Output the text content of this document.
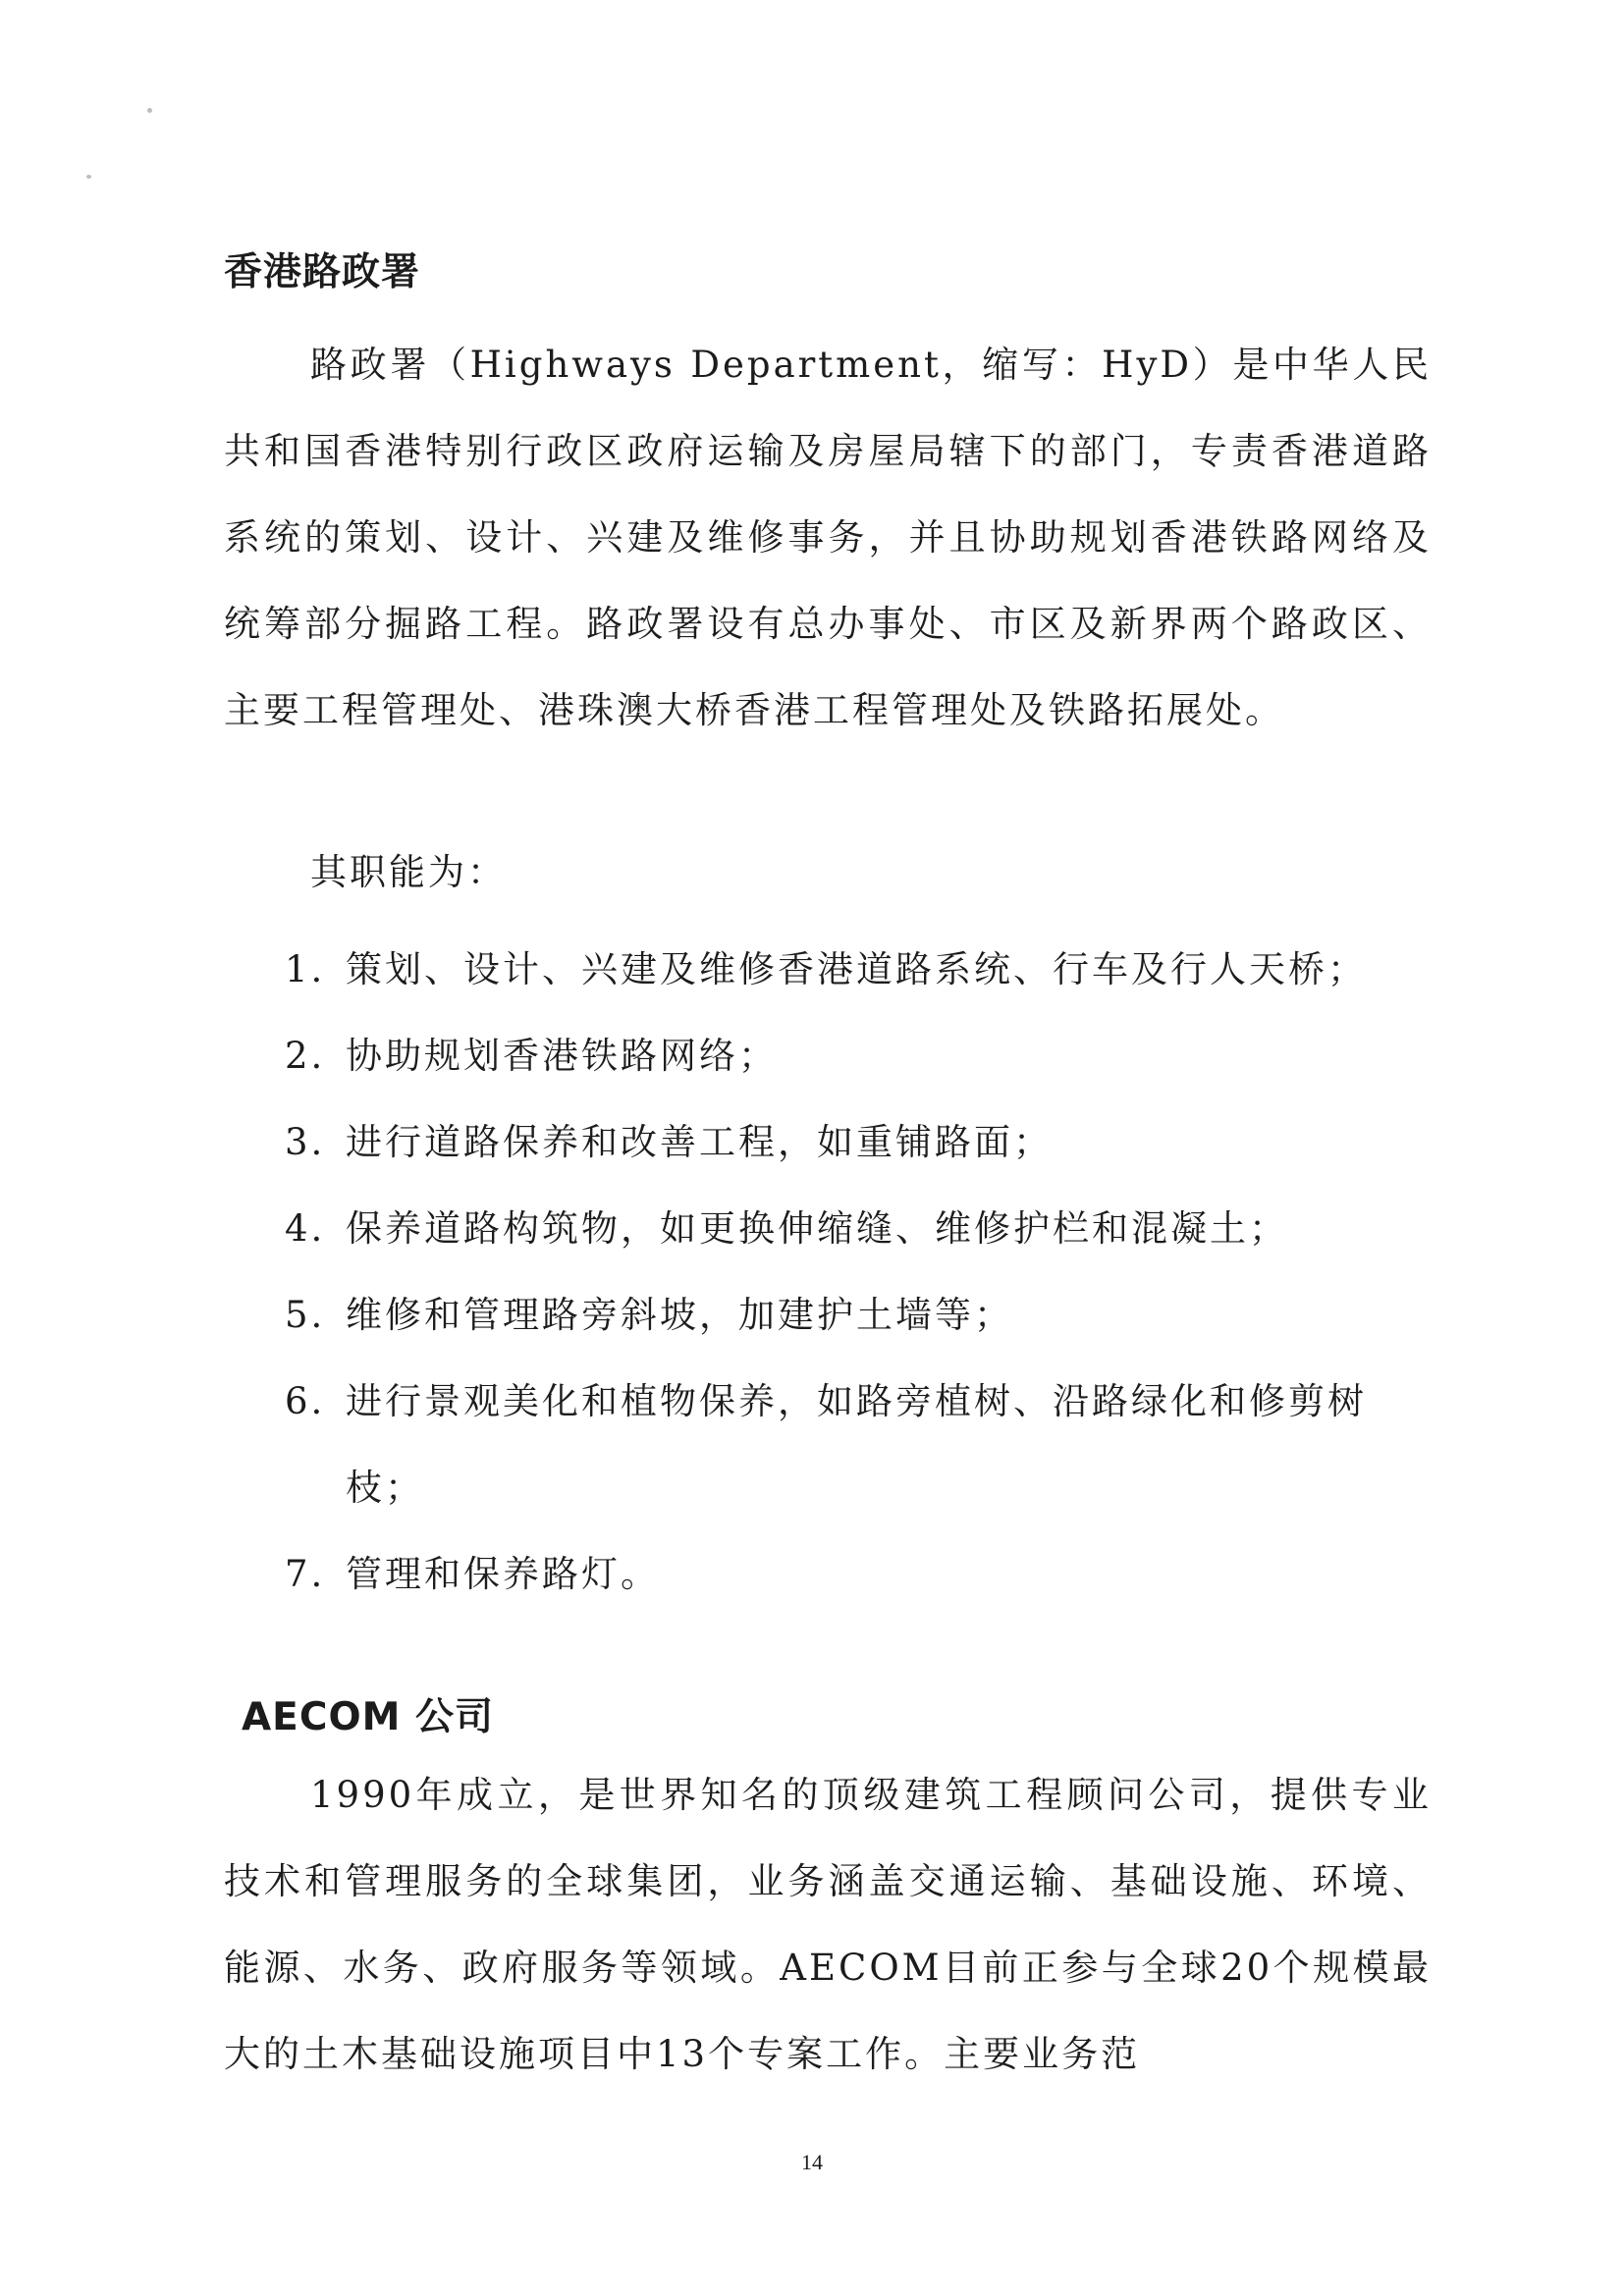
香港路政署
路政署（Highways Department，缩写：HyD）是中华人民共和国香港特别行政区政府运输及房屋局辖下的部门，专责香港道路系统的策划、设计、兴建及维修事务，并且协助规划香港铁路网络及统筹部分掘路工程。路政署设有总办事处、市区及新界两个路政区、主要工程管理处、港珠澳大桥香港工程管理处及铁路拓展处。
其职能为：
1. 策划、设计、兴建及维修香港道路系统、行车及行人天桥；
2. 协助规划香港铁路网络；
3. 进行道路保养和改善工程，如重铺路面；
4. 保养道路构筑物，如更换伸缩缝、维修护栏和混凝土；
5. 维修和管理路旁斜坡，加建护土墙等；
6. 进行景观美化和植物保养，如路旁植树、沿路绿化和修剪树枝；
7. 管理和保养路灯。
AECOM 公司
1990年成立，是世界知名的顶级建筑工程顾问公司，提供专业技术和管理服务的全球集团，业务涵盖交通运输、基础设施、环境、能源、水务、政府服务等领域。AECOM目前正参与全球20个规模最大的土木基础设施项目中13个专案工作。主要业务范
14
